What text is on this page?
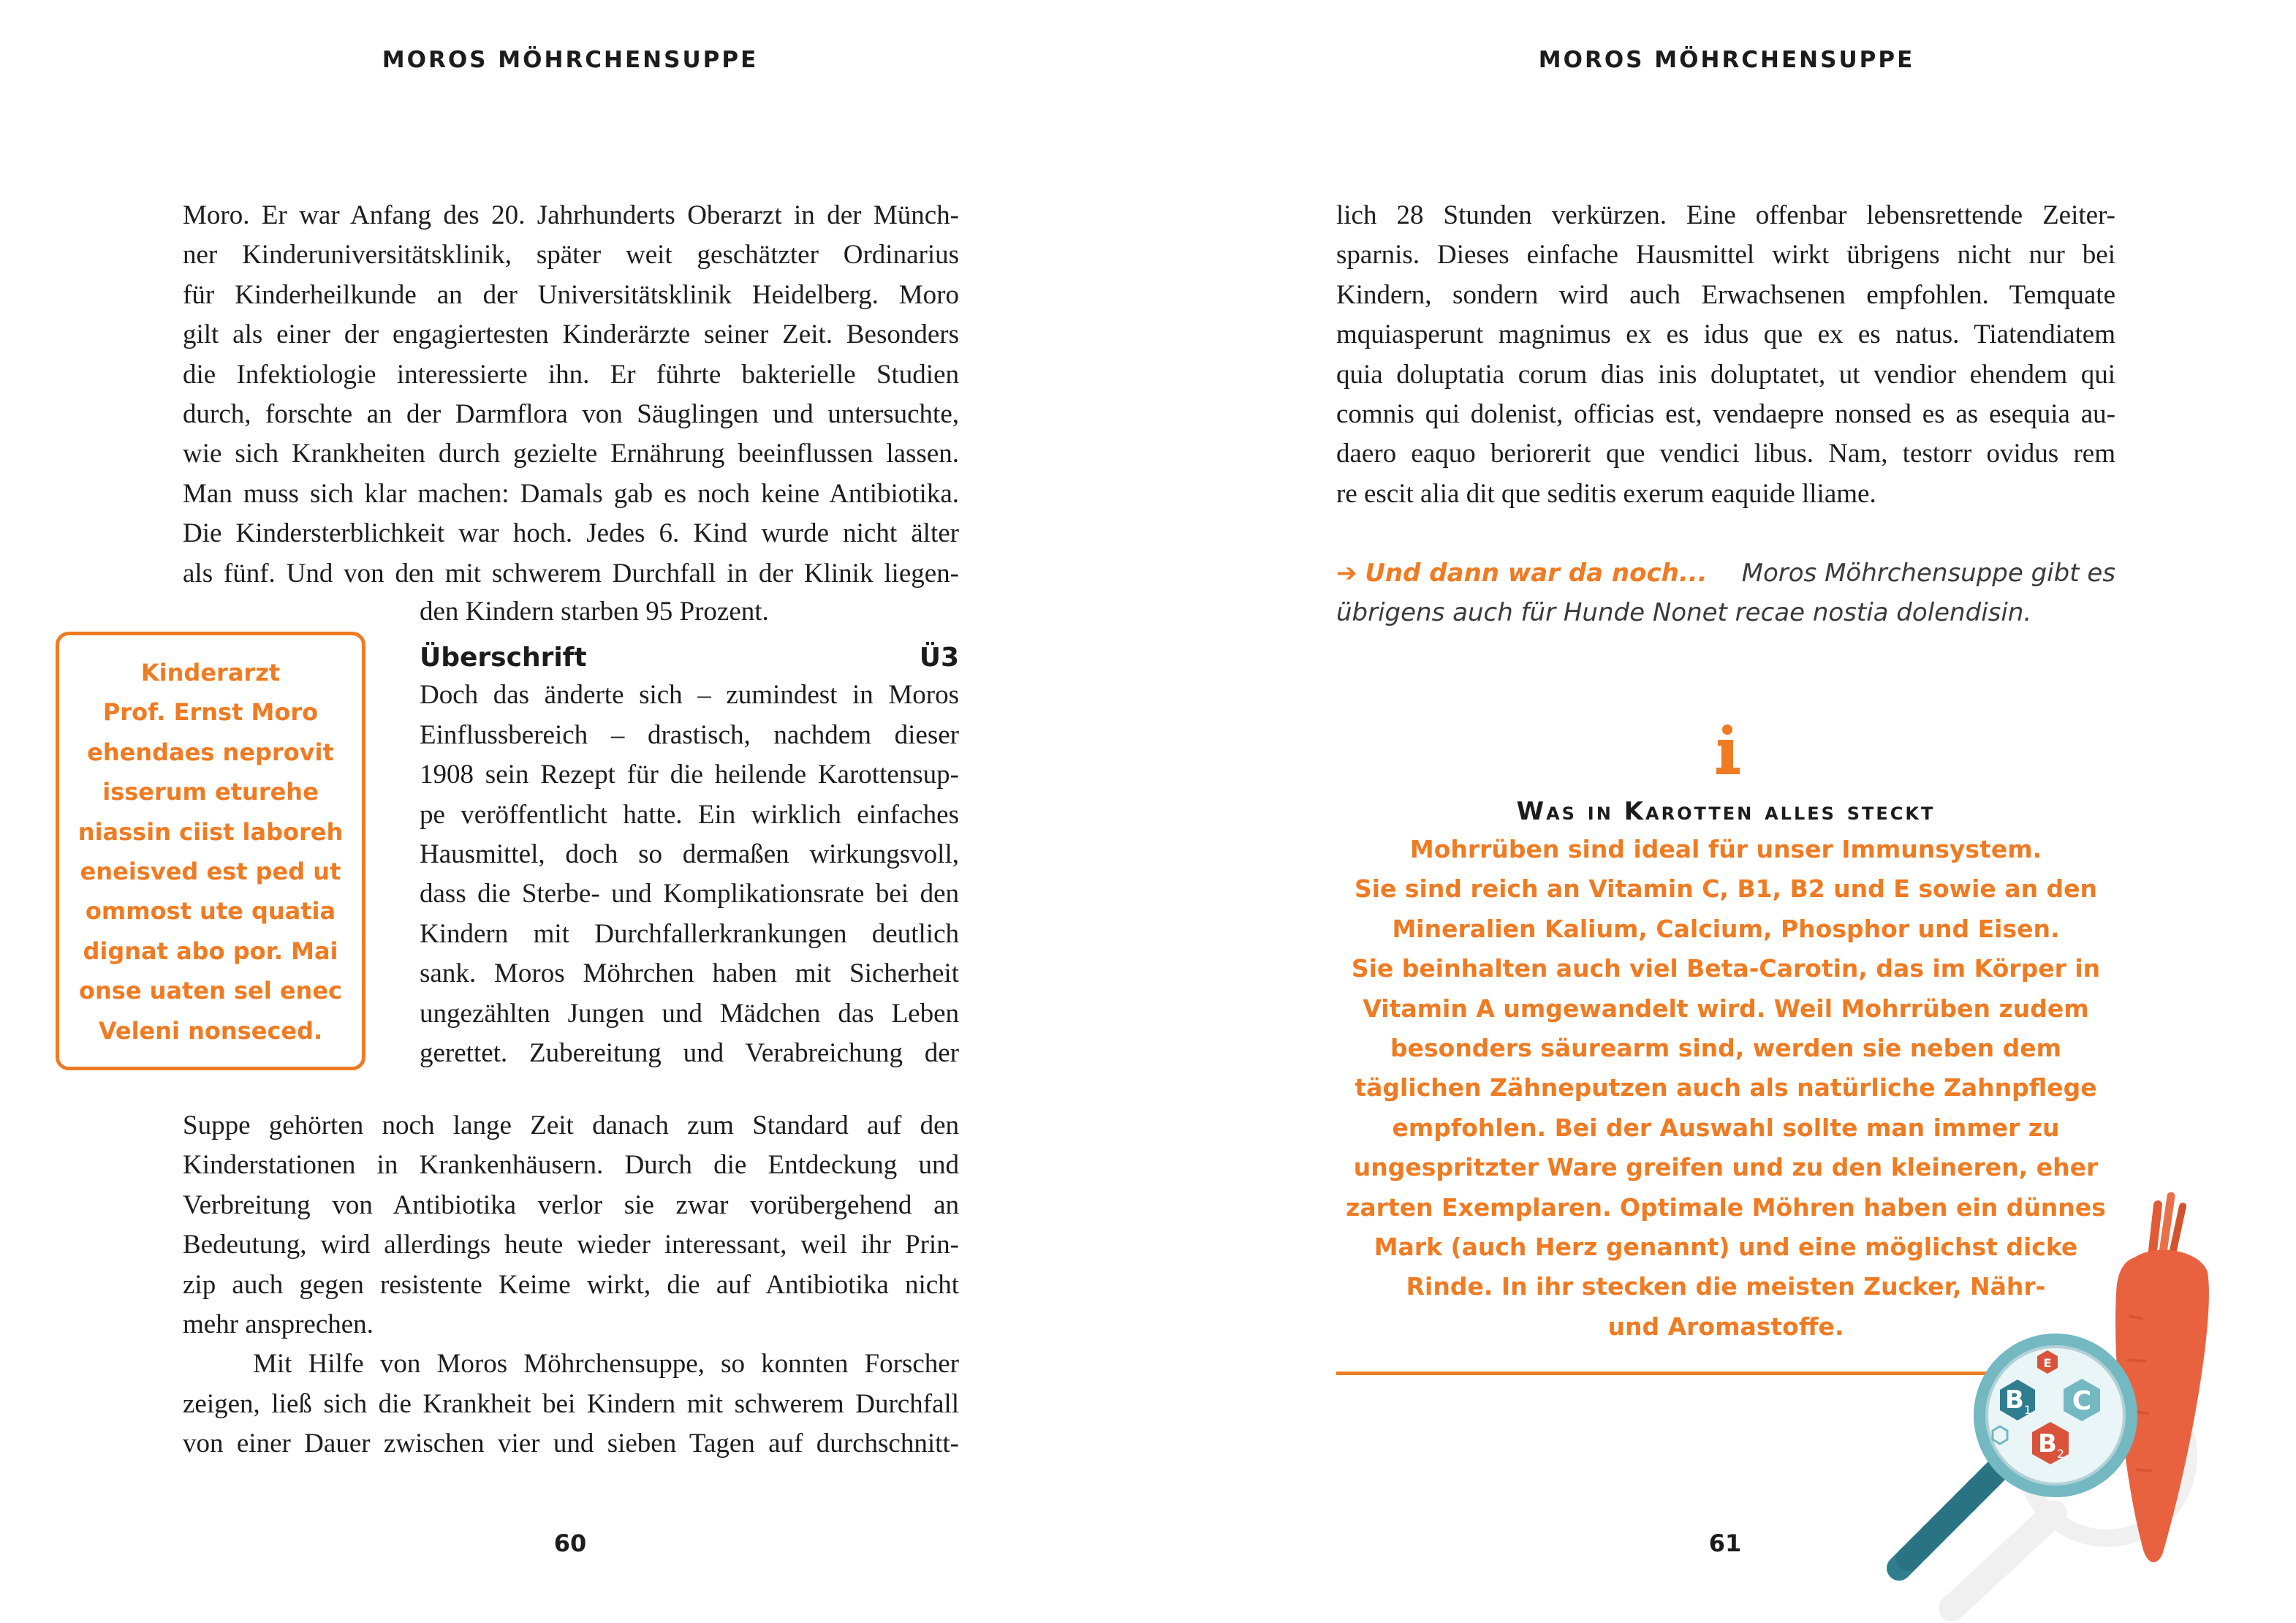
MOROS MÖHRCHENSUPPE

Moro. Er war Anfang des 20. Jahrhunderts Oberarzt in der Münch-

ner Kinderuniversitätsklinik, später weit geschätzter Ordinarius

für Kinderheilkunde an der Universitätsklinik Heidelberg. Moro

gilt als einer der engagiertesten Kinderärzte seiner Zeit. Besonders

die Infektiologie interessierte ihn. Er führte bakterielle Studien

durch, forschte an der Darmflora von Säuglingen und untersuchte,

wie sich Krankheiten durch gezielte Ernährung beeinflussen lassen.

Man muss sich klar machen: Damals gab es noch keine Antibiotika.

Die Kindersterblichkeit war hoch. Jedes 6. Kind wurde nicht älter

als fünf. Und von den mit schwerem Durchfall in der Klinik liegen-

den Kindern starben 95 Prozent.

Überschrift Ü3

Doch das änderte sich – zumindest in Moros

Einflussbereich – drastisch, nachdem dieser

1908 sein Rezept für die heilende Karottensup-

pe veröffentlicht hatte. Ein wirklich einfaches

Hausmittel, doch so dermaßen wirkungsvoll,

dass die Sterbe- und Komplikationsrate bei den

Kindern mit Durchfallerkrankungen deutlich

sank. Moros Möhrchen haben mit Sicherheit

ungezählten Jungen und Mädchen das Leben

gerettet. Zubereitung und Verabreichung der

Suppe gehörten noch lange Zeit danach zum Standard auf den

Kinderstationen in Krankenhäusern. Durch die Entdeckung und

Verbreitung von Antibiotika verlor sie zwar vorübergehend an

Bedeutung, wird allerdings heute wieder interessant, weil ihr Prin-

zip auch gegen resistente Keime wirkt, die auf Antibiotika nicht

mehr ansprechen.

Mit Hilfe von Moros Möhrchensuppe, so konnten Forscher

zeigen, ließ sich die Krankheit bei Kindern mit schwerem Durchfall

von einer Dauer zwischen vier und sieben Tagen auf durchschnitt-

Kinderarzt
Prof. Ernst Moro
ehendaes neprovit
isserum eturehe
niassin ciist laboreh
eneisved est ped ut
ommost ute quatia
dignat abo por. Mai
onse uaten sel enec
Veleni nonseced.
60
MOROS MÖHRCHENSUPPE

lich 28 Stunden verkürzen. Eine offenbar lebensrettende Zeiter-

sparnis. Dieses einfache Hausmittel wirkt übrigens nicht nur bei

Kindern, sondern wird auch Erwachsenen empfohlen. Temquate

mquiasperunt magnimus ex es idus que ex es natus. Tiatendiatem

quia doluptatia corum dias inis doluptatet, ut vendior ehendem qui

comnis qui dolenist, officias est, vendaepre nonsed es as esequia au-

daero eaquo beriorerit que vendici libus. Nam, testorr ovidus rem

re escit alia dit que seditis exerum eaquide lliame.

➔ Und dann war da noch... Moros Möhrchensuppe gibt es
übrigens auch für Hunde Nonet recae nostia dolendisin.
Was in Karotten alles steckt
Mohrrüben sind ideal für unser Immunsystem.
Sie sind reich an Vitamin C, B1, B2 und E sowie an den
Mineralien Kalium, Calcium, Phosphor und Eisen.
Sie beinhalten auch viel Beta-Carotin, das im Körper in
Vitamin A umgewandelt wird. Weil Mohrrüben zudem
besonders säurearm sind, werden sie neben dem
täglichen Zähneputzen auch als natürliche Zahnpflege
empfohlen. Bei der Auswahl sollte man immer zu
ungespritzter Ware greifen und zu den kleineren, eher
zarten Exemplaren. Optimale Möhren haben ein dünnes
Mark (auch Herz genannt) und eine möglichst dicke
Rinde. In ihr stecken die meisten Zucker, Nähr-
und Aromastoffe.
B 1 C
B 2
E
61
